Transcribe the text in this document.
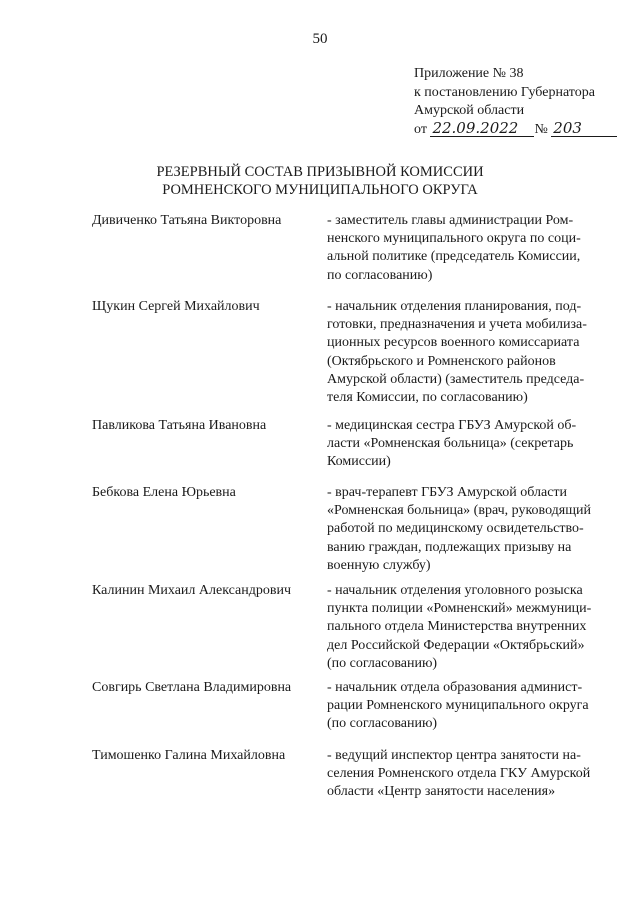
50
Приложение № 38
к постановлению Губернатора
Амурской области
от 22.09.2022 № 203
РЕЗЕРВНЫЙ СОСТАВ ПРИЗЫВНОЙ КОМИССИИ
РОМНЕНСКОГО МУНИЦИПАЛЬНОГО ОКРУГА
Дивиченко Татьяна Викторовна	- заместитель главы администрации Ром-
ненского муниципального округа по соци-
альной политике (председатель Комиссии,
по согласованию)
Щукин Сергей Михайлович	- начальник отделения планирования, под-
готовки, предназначения и учета мобилиза-
ционных ресурсов военного комиссариата
(Октябрьского и Ромненского районов
Амурской области) (заместитель председа-
теля Комиссии, по согласованию)
Павликова Татьяна Ивановна	- медицинская сестра ГБУЗ Амурской об-
ласти «Ромненская больница» (секретарь
Комиссии)
Бебкова Елена Юрьевна	- врач-терапевт ГБУЗ Амурской области
«Ромненская больница» (врач, руководящий
работой по медицинскому освидетельство-
ванию граждан, подлежащих призыву на
военную службу)
Калинин Михаил Александрович	- начальник отделения уголовного розыска
пункта полиции «Ромненский» межмуници-
пального отдела Министерства внутренних
дел Российской Федерации «Октябрьский»
(по согласованию)
Совгирь Светлана Владимировна	- начальник отдела образования админист-
рации Ромненского муниципального округа
(по согласованию)
Тимошенко Галина Михайловна	- ведущий инспектор центра занятости на-
селения Ромненского отдела ГКУ Амурской
области «Центр занятости населения»
